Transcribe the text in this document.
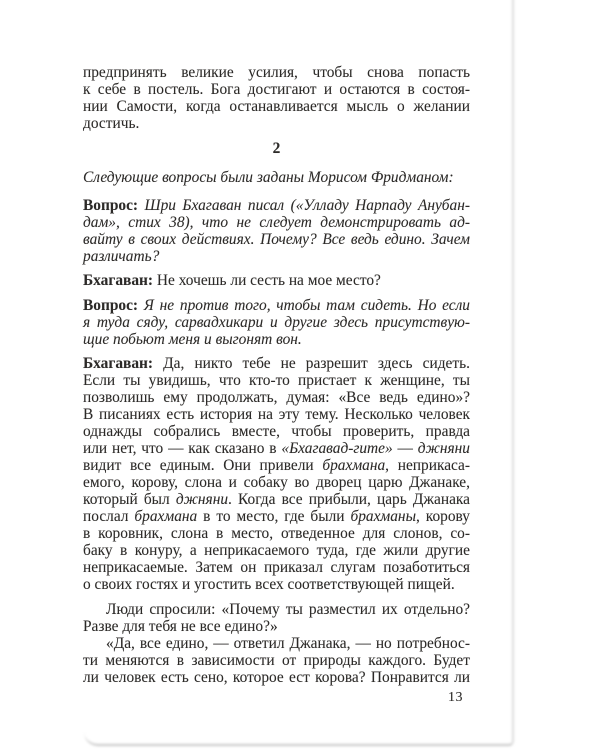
предпринять великие усилия, чтобы снова попасть
к себе в постель. Бога достигают и остаются в состоя-
нии Самости, когда останавливается мысль о желании
достичь.
2
Следующие вопросы были заданы Морисом Фридманом:
Вопрос: Шри Бхагаван писал («Улладу Нарпаду Анубан-
дам», стих 38), что не следует демонстрировать ад-
вайту в своих действиях. Почему? Все ведь едино. Зачем
различать?
Бхагаван: Не хочешь ли сесть на мое место?
Вопрос: Я не против того, чтобы там сидеть. Но если
я туда сяду, сарвадхикари и другие здесь присутствую-
щие побьют меня и выгонят вон.
Бхагаван: Да, никто тебе не разрешит здесь сидеть.
Если ты увидишь, что кто-то пристает к женщине, ты
позволишь ему продолжать, думая: «Все ведь едино»?
В писаниях есть история на эту тему. Несколько человек
однажды собрались вместе, чтобы проверить, правда
или нет, что — как сказано в «Бхагавад-гите» — джняни
видит все единым. Они привели брахмана, неприкаса-
емого, корову, слона и собаку во дворец царю Джанаке,
который был джняни. Когда все прибыли, царь Джанака
послал брахмана в то место, где были брахманы, корову
в коровник, слона в место, отведенное для слонов, со-
баку в конуру, а неприкасаемого туда, где жили другие
неприкасаемые. Затем он приказал слугам позаботиться
о своих гостях и угостить всех соответствующей пищей.
Люди спросили: «Почему ты разместил их отдельно?
Разве для тебя не все едино?»
«Да, все едино, — ответил Джанака, — но потребнос-
ти меняются в зависимости от природы каждого. Будет
ли человек есть сено, которое ест корова? Понравится ли
13
